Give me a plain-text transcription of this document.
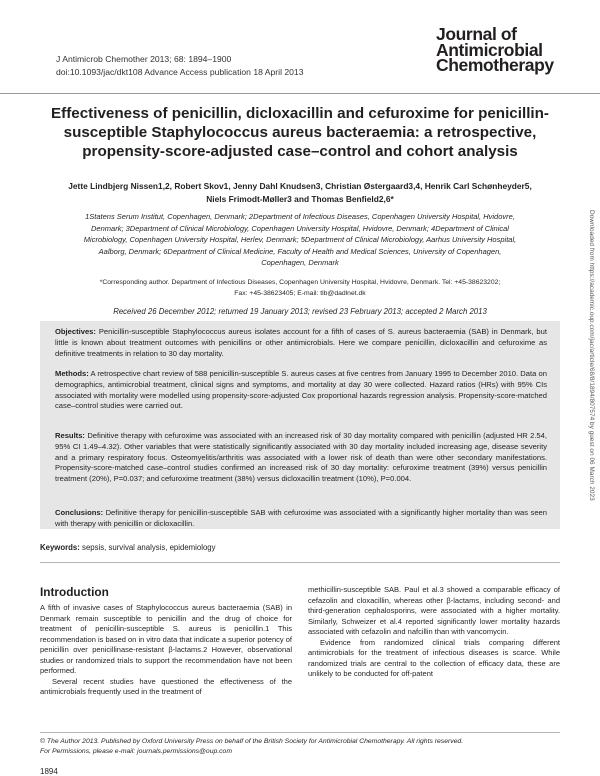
J Antimicrob Chemother 2013; 68: 1894–1900
doi:10.1093/jac/dkt108 Advance Access publication 18 April 2013
Journal of
Antimicrobial
Chemotherapy
Effectiveness of penicillin, dicloxacillin and cefuroxime for penicillin-
susceptible Staphylococcus aureus bacteraemia: a retrospective,
propensity-score-adjusted case–control and cohort analysis
Jette Lindbjerg Nissen1,2, Robert Skov1, Jenny Dahl Knudsen3, Christian Østergaard3,4, Henrik Carl Schønheyder5,
Niels Frimodt-Møller3 and Thomas Benfield2,6*
1Statens Serum Institut, Copenhagen, Denmark; 2Department of Infectious Diseases, Copenhagen University Hospital, Hvidovre,
Denmark; 3Department of Clinical Microbiology, Copenhagen University Hospital, Hvidovre, Denmark; 4Department of Clinical
Microbiology, Copenhagen University Hospital, Herlev, Denmark; 5Department of Clinical Microbiology, Aarhus University Hospital,
Aalborg, Denmark; 6Department of Clinical Medicine, Faculty of Health and Medical Sciences, University of Copenhagen,
Copenhagen, Denmark
*Corresponding author. Department of Infectious Diseases, Copenhagen University Hospital, Hvidovre, Denmark. Tel: +45-38623202;
Fax: +45-38623405; E-mail: tlb@dadlnet.dk
Received 26 December 2012; returned 19 January 2013; revised 23 February 2013; accepted 2 March 2013
Objectives: Penicillin-susceptible Staphylococcus aureus isolates account for a fifth of cases of S. aureus bacteraemia (SAB) in Denmark, but little is known about treatment outcomes with penicillins or other antimicrobials. Here we compare penicillin, dicloxacillin and cefuroxime as definitive treatments in relation to 30 day mortality.
Methods: A retrospective chart review of 588 penicillin-susceptible S. aureus cases at five centres from January 1995 to December 2010. Data on demographics, antimicrobial treatment, clinical signs and symptoms, and mortality at day 30 were collected. Hazard ratios (HRs) with 95% CIs associated with mortality were modelled using propensity-score-adjusted Cox proportional hazards regression analysis. Propensity-score-matched case–control studies were carried out.
Results: Definitive therapy with cefuroxime was associated with an increased risk of 30 day mortality compared with penicillin (adjusted HR 2.54, 95% CI 1.49–4.32). Other variables that were statistically significantly associated with 30 day mortality included increasing age, disease severity and a primary respiratory focus. Osteomyelitis/arthritis was associated with a lower risk of death than were other secondary manifestations. Propensity-score-matched case–control studies confirmed an increased risk of 30 day mortality: cefuroxime treatment (39%) versus penicillin treatment (20%), P=0.037; and cefuroxime treatment (38%) versus dicloxacillin treatment (10%), P=0.004.
Conclusions: Definitive therapy for penicillin-susceptible SAB with cefuroxime was associated with a significantly higher mortality than was seen with therapy with penicillin or dicloxacillin.
Keywords: sepsis, survival analysis, epidemiology
Introduction

A fifth of invasive cases of Staphylococcus aureus bacteraemia (SAB) in Denmark remain susceptible to penicillin and the drug of choice for treatment of penicillin-susceptible S. aureus is penicillin.1 This recommendation is based on in vitro data that indicate a superior potency of penicillin over penicillinase-resistant β-lactams.2 However, observational studies or randomized trials to support the recommendation have not been performed.

Several recent studies have questioned the effectiveness of the antimicrobials frequently used in the treatment of

methicillin-susceptible SAB. Paul et al.3 showed a comparable efficacy of cefazolin and cloxacillin, whereas other β-lactams, including second- and third-generation cephalosporins, were associated with a higher mortality. Similarly, Schweizer et al.4 reported significantly lower mortality hazards associated with cefazolin and nafcillin than with vancomycin.

Evidence from randomized clinical trials comparing different antimicrobials for the treatment of infectious diseases is scarce. While randomized trials are central to the collection of efficacy data, these are unlikely to be conducted for off-patent

© The Author 2013. Published by Oxford University Press on behalf of the British Society for Antimicrobial Chemotherapy. All rights reserved.
For Permissions, please e-mail: journals.permissions@oup.com
1894
Downloaded from https://academic.oup.com/jac/article/68/8/1894/807574 by guest on 06 March 2023
